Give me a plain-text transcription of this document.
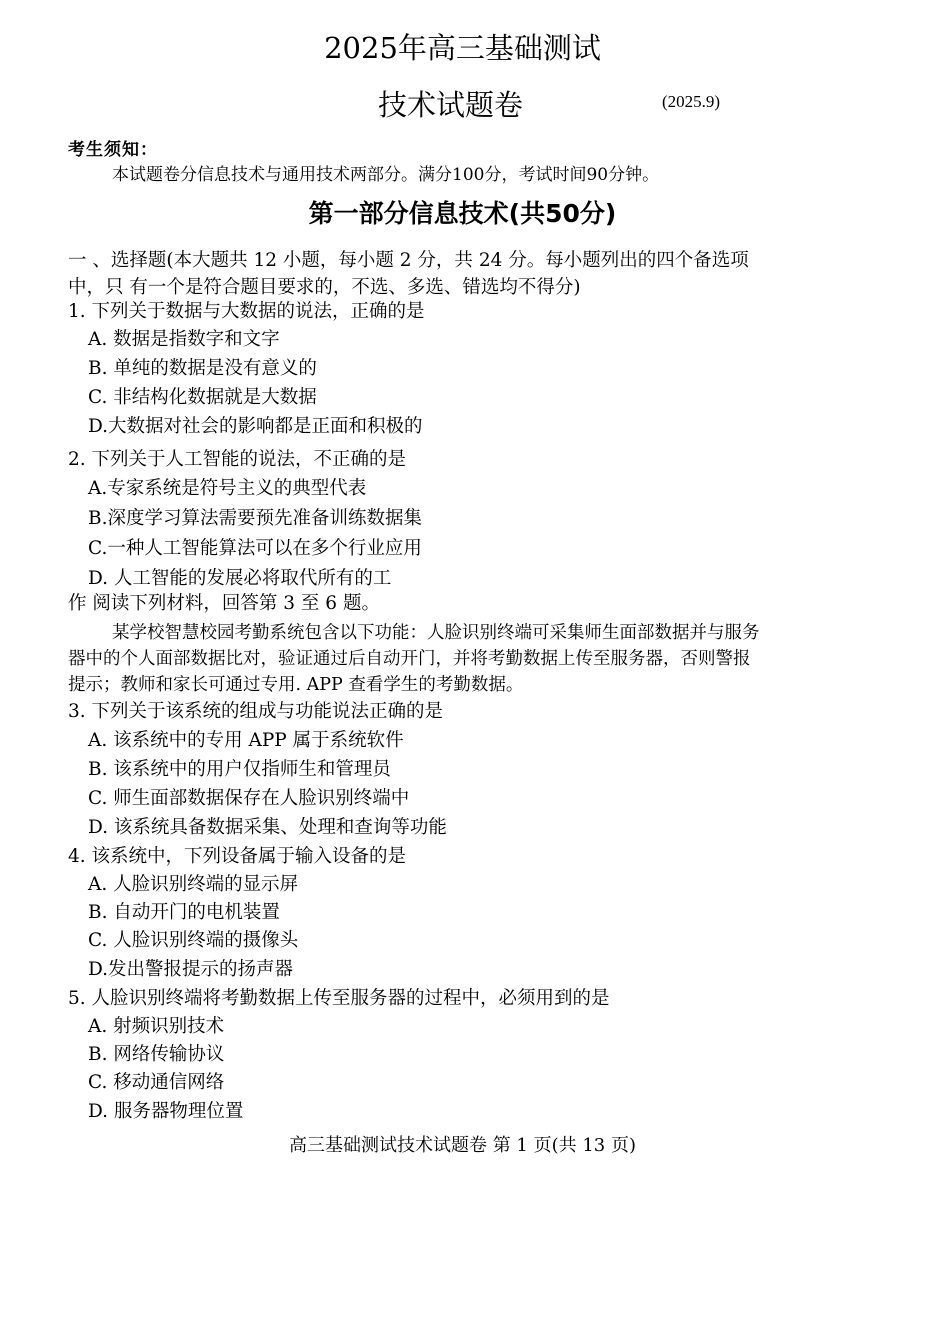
2025年高三基础测试
技术试题卷	(2025.9)
考生须知：
本试题卷分信息技术与通用技术两部分。满分100分，考试时间90分钟。
第一部分信息技术(共50分)
一 、选择题(本大题共 12 小题，每小题 2 分，共 24 分。每小题列出的四个备选项
中，只 有一个是符合题目要求的，不选、多选、错选均不得分)
1. 下列关于数据与大数据的说法，正确的是
A. 数据是指数字和文字
B. 单纯的数据是没有意义的
C. 非结构化数据就是大数据
D.大数据对社会的影响都是正面和积极的
2. 下列关于人工智能的说法，不正确的是
A.专家系统是符号主义的典型代表
B.深度学习算法需要预先准备训练数据集
C.一种人工智能算法可以在多个行业应用
D. 人工智能的发展必将取代所有的工
作 阅读下列材料，回答第 3 至 6 题。
某学校智慧校园考勤系统包含以下功能：人脸识别终端可采集师生面部数据并与服务
器中的个人面部数据比对，验证通过后自动开门，并将考勤数据上传至服务器，否则警报
提示；教师和家长可通过专用. APP 查看学生的考勤数据。
3. 下列关于该系统的组成与功能说法正确的是
A. 该系统中的专用 APP 属于系统软件
B. 该系统中的用户仅指师生和管理员
C. 师生面部数据保存在人脸识别终端中
D. 该系统具备数据采集、处理和查询等功能
4. 该系统中，下列设备属于输入设备的是
A. 人脸识别终端的显示屏
B. 自动开门的电机装置
C. 人脸识别终端的摄像头
D.发出警报提示的扬声器
5. 人脸识别终端将考勤数据上传至服务器的过程中，必须用到的是
A. 射频识别技术
B. 网络传输协议
C. 移动通信网络
D. 服务器物理位置
高三基础测试技术试题卷 第 1 页(共 13 页)
